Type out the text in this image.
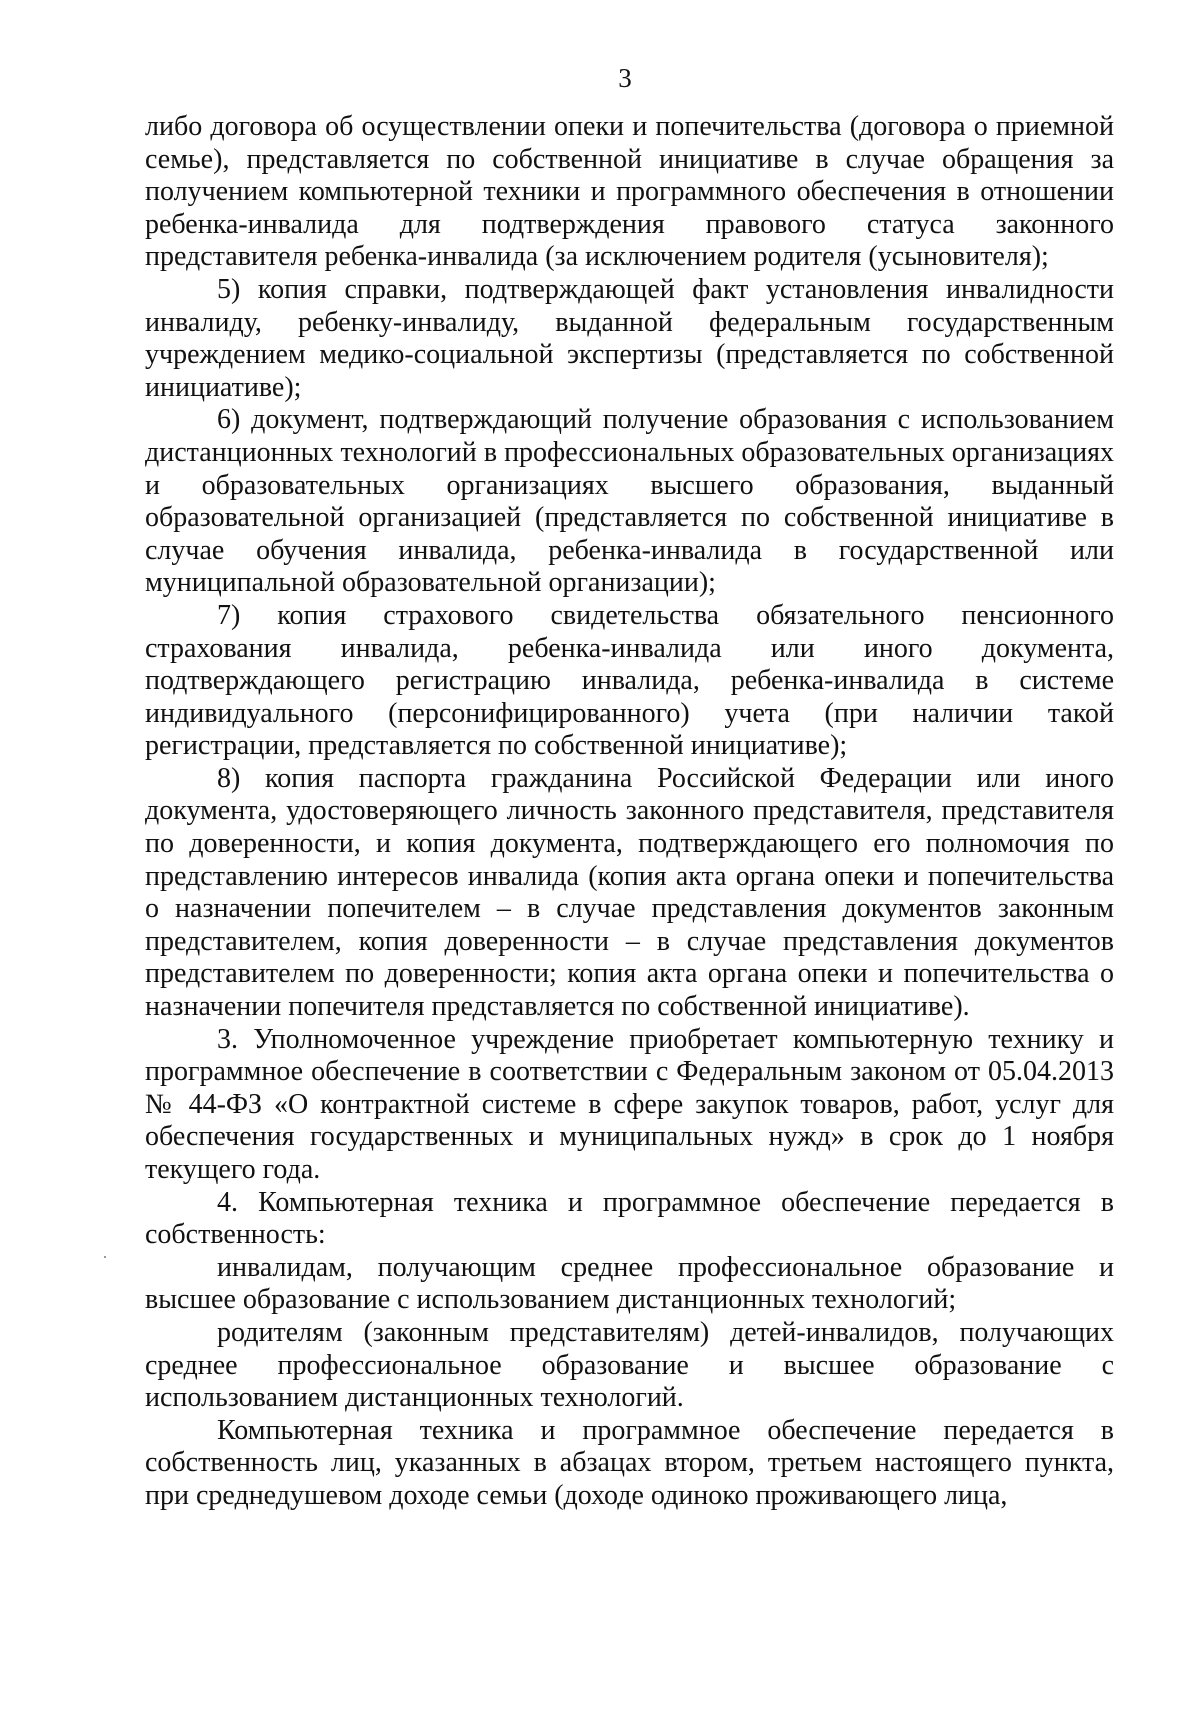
3

либо договора об осуществлении опеки и попечительства (договора о приемной семье), представляется по собственной инициативе в случае обращения за получением компьютерной техники и программного обеспечения в отношении ребенка-инвалида для подтверждения правового статуса законного представителя ребенка-инвалида (за исключением родителя (усыновителя);

5) копия справки, подтверждающей факт установления инвалидности инвалиду, ребенку-инвалиду, выданной федеральным государственным учреждением медико-социальной экспертизы (представляется по собственной инициативе);

6) документ, подтверждающий получение образования с использованием дистанционных технологий в профессиональных образовательных организациях и образовательных организациях высшего образования, выданный образовательной организацией (представляется по собственной инициативе в случае обучения инвалида, ребенка-инвалида в государственной или муниципальной образовательной организации);

7) копия страхового свидетельства обязательного пенсионного страхования инвалида, ребенка-инвалида или иного документа, подтверждающего регистрацию инвалида, ребенка-инвалида в системе индивидуального (персонифицированного) учета (при наличии такой регистрации, представляется по собственной инициативе);

8) копия паспорта гражданина Российской Федерации или иного документа, удостоверяющего личность законного представителя, представителя по доверенности, и копия документа, подтверждающего его полномочия по представлению интересов инвалида (копия акта органа опеки и попечительства о назначении попечителем – в случае представления документов законным представителем, копия доверенности – в случае представления документов представителем по доверенности; копия акта органа опеки и попечительства о назначении попечителя представляется по собственной инициативе).

3. Уполномоченное учреждение приобретает компьютерную технику и программное обеспечение в соответствии с Федеральным законом от 05.04.2013 № 44-ФЗ «О контрактной системе в сфере закупок товаров, работ, услуг для обеспечения государственных и муниципальных нужд» в срок до 1 ноября текущего года.

4. Компьютерная техника и программное обеспечение передается в собственность:

инвалидам, получающим среднее профессиональное образование и высшее образование с использованием дистанционных технологий;

родителям (законным представителям) детей-инвалидов, получающих среднее профессиональное образование и высшее образование с использованием дистанционных технологий.

Компьютерная техника и программное обеспечение передается в собственность лиц, указанных в абзацах втором, третьем настоящего пункта, при среднедушевом доходе семьи (доходе одиноко проживающего лица,
